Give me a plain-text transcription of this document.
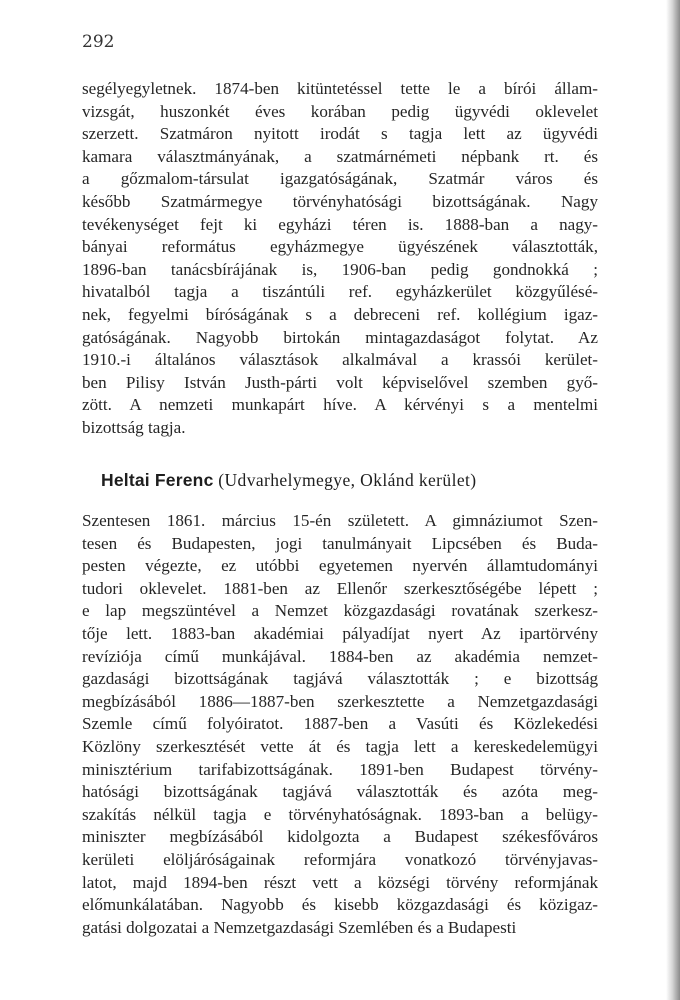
292
segélyegyletnek. 1874-ben kitüntetéssel tette le a bírói állam-
vizsgát, huszonkét éves korában pedig ügyvédi oklevelet
szerzett. Szatmáron nyitott irodát s tagja lett az ügyvédi
kamara választmányának, a szatmárnémeti népbank rt. és
a gőzmalom-társulat igazgatóságának, Szatmár város és
később Szatmármegye törvényhatósági bizottságának. Nagy
tevékenységet fejt ki egyházi téren is. 1888-ban a nagy-
bányai református egyházmegye ügyészének választották,
1896-ban tanácsbírájának is, 1906-ban pedig gondnokká ;
hivatalból tagja a tiszántúli ref. egyházkerület közgyűlésé-
nek, fegyelmi bíróságának s a debreceni ref. kollégium igaz-
gatóságának. Nagyobb birtokán mintagazdaságot folytat. Az
1910.-i általános választások alkalmával a krassói kerület-
ben Pilisy István Justh-párti volt képviselővel szemben győ-
zött. A nemzeti munkapárt híve. A kérvényi s a mentelmi
bizottság tagja.
Heltai Ferenc (Udvarhelymegye, Oklánd kerület)
Szentesen 1861. március 15-én született. A gimnáziumot Szen-
tesen és Budapesten, jogi tanulmányait Lipcsében és Buda-
pesten végezte, ez utóbbi egyetemen nyervén államtudományi
tudori oklevelet. 1881-ben az Ellenőr szerkesztőségébe lépett ;
e lap megszüntével a Nemzet közgazdasági rovatának szerkesz-
tője lett. 1883-ban akadémiai pályadíjat nyert Az ipartörvény
revíziója című munkájával. 1884-ben az akadémia nemzet-
gazdasági bizottságának tagjává választották ; e bizottság
megbízásából 1886—1887-ben szerkesztette a Nemzetgazdasági
Szemle című folyóiratot. 1887-ben a Vasúti és Közlekedési
Közlöny szerkesztését vette át és tagja lett a kereskedelemügyi
minisztérium tarifabizottságának. 1891-ben Budapest törvény-
hatósági bizottságának tagjává választották és azóta meg-
szakítás nélkül tagja e törvényhatóságnak. 1893-ban a belügy-
miniszter megbízásából kidolgozta a Budapest székesfőváros
kerületi elöljáróságainak reformjára vonatkozó törvényjavas-
latot, majd 1894-ben részt vett a községi törvény reformjának
előmunkálatában. Nagyobb és kisebb közgazdasági és közigaz-
gatási dolgozatai a Nemzetgazdasági Szemlében és a Budapesti
